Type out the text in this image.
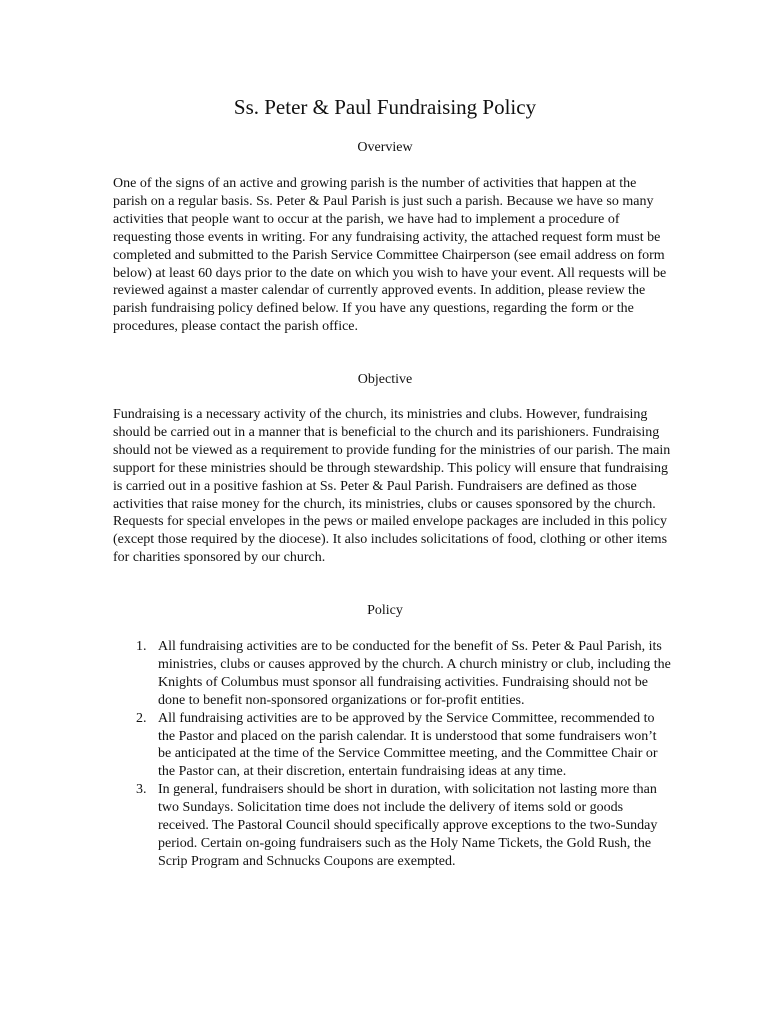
Ss. Peter & Paul Fundraising Policy
Overview

One of the signs of an active and growing parish is the number of activities that happen at the parish on a regular basis. Ss. Peter & Paul Parish is just such a parish. Because we have so many activities that people want to occur at the parish, we have had to implement a procedure of requesting those events in writing. For any fundraising activity, the attached request form must be completed and submitted to the Parish Service Committee Chairperson (see email address on form below) at least 60 days prior to the date on which you wish to have your event. All requests will be reviewed against a master calendar of currently approved events. In addition, please review the parish fundraising policy defined below. If you have any questions, regarding the form or the procedures, please contact the parish office.

Objective

Fundraising is a necessary activity of the church, its ministries and clubs. However, fundraising should be carried out in a manner that is beneficial to the church and its parishioners. Fundraising should not be viewed as a requirement to provide funding for the ministries of our parish. The main support for these ministries should be through stewardship. This policy will ensure that fundraising is carried out in a positive fashion at Ss. Peter & Paul Parish. Fundraisers are defined as those activities that raise money for the church, its ministries, clubs or causes sponsored by the church. Requests for special envelopes in the pews or mailed envelope packages are included in this policy (except those required by the diocese). It also includes solicitations of food, clothing or other items for charities sponsored by our church.

Policy
1. All fundraising activities are to be conducted for the benefit of Ss. Peter & Paul Parish, its ministries, clubs or causes approved by the church. A church ministry or club, including the Knights of Columbus must sponsor all fundraising activities. Fundraising should not be done to benefit non-sponsored organizations or for-profit entities.
2. All fundraising activities are to be approved by the Service Committee, recommended to the Pastor and placed on the parish calendar. It is understood that some fundraisers won’t be anticipated at the time of the Service Committee meeting, and the Committee Chair or the Pastor can, at their discretion, entertain fundraising ideas at any time.
3. In general, fundraisers should be short in duration, with solicitation not lasting more than two Sundays. Solicitation time does not include the delivery of items sold or goods received. The Pastoral Council should specifically approve exceptions to the two-Sunday period. Certain on-going fundraisers such as the Holy Name Tickets, the Gold Rush, the Scrip Program and Schnucks Coupons are exempted.
